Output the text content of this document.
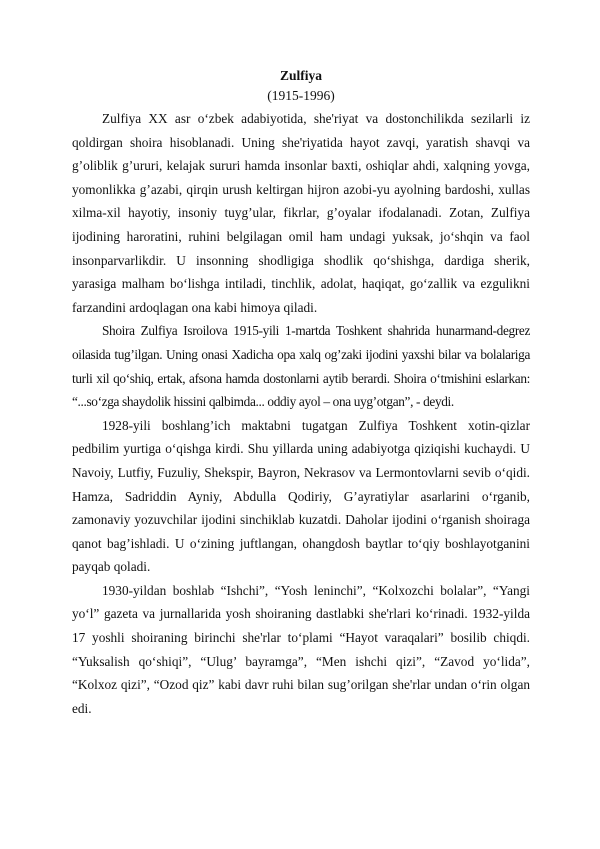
Zulfiya

(1915-1996)

Zulfiya XX asr o‘zbek adabiyotida, she'riyat va dostonchilikda sezilarli iz qoldirgan shoira hisoblanadi. Uning she'riyatida hayot zavqi, yaratish shavqi va g’oliblik g’ururi, kelajak sururi hamda insonlar baxti, oshiqlar ahdi, xalqning yovga, yomonlikka g’azabi, qirqin urush keltirgan hijron azobi-yu ayolning bardoshi, xullas xilma-xil hayotiy, insoniy tuyg’ular, fikrlar, g’oyalar ifodalanadi. Zotan, Zulfiya ijodining haroratini, ruhini belgilagan omil ham undagi yuksak, jo‘shqin va faol insonparvarlikdir. U insonning shodligiga shodlik qo‘shishga, dardiga sherik, yarasiga malham bo‘lishga intiladi, tinchlik, adolat, haqiqat, go‘zallik va ezgulikni farzandini ardoqlagan ona kabi himoya qiladi.

Shoira Zulfiya Isroilova 1915-yili 1-martda Toshkent shahrida hunarmand-degrez oilasida tug’ilgan. Uning onasi Xadicha opa xalq og’zaki ijodini yaxshi bilar va bolalariga turli xil qo‘shiq, ertak, afsona hamda dostonlarni aytib berardi. Shoira o‘tmishini eslarkan: “...so‘zga shaydolik hissini qalbimda... oddiy ayol – ona uyg’otgan”, - deydi.

1928-yili boshlang’ich maktabni tugatgan Zulfiya Toshkent xotin-qizlar pedbilim yurtiga o‘qishga kirdi. Shu yillarda uning adabiyotga qiziqishi kuchaydi. U Navoiy, Lutfiy, Fuzuliy, Shekspir, Bayron, Nekrasov va Lermontovlarni sevib o‘qidi. Hamza, Sadriddin Ayniy, Abdulla Qodiriy, G’ayratiylar asarlarini o‘rganib, zamonaviy yozuvchilar ijodini sinchiklab kuzatdi. Daholar ijodini o‘rganish shoiraga qanot bag’ishladi. U o‘zining juftlangan, ohangdosh baytlar to‘qiy boshlayotganini payqab qoladi.

1930-yildan boshlab “Ishchi”, “Yosh leninchi”, “Kolxozchi bolalar”, “Yangi yo‘l” gazeta va jurnallarida yosh shoiraning dastlabki she'rlari ko‘rinadi. 1932-yilda 17 yoshli shoiraning birinchi she'rlar to‘plami “Hayot varaqalari” bosilib chiqdi. “Yuksalish qo‘shiqi”, “Ulug’ bayramga”, “Men ishchi qizi”, “Zavod yo‘lida”, “Kolxoz qizi”, “Ozod qiz” kabi davr ruhi bilan sug’orilgan she'rlar undan o‘rin olgan edi.
